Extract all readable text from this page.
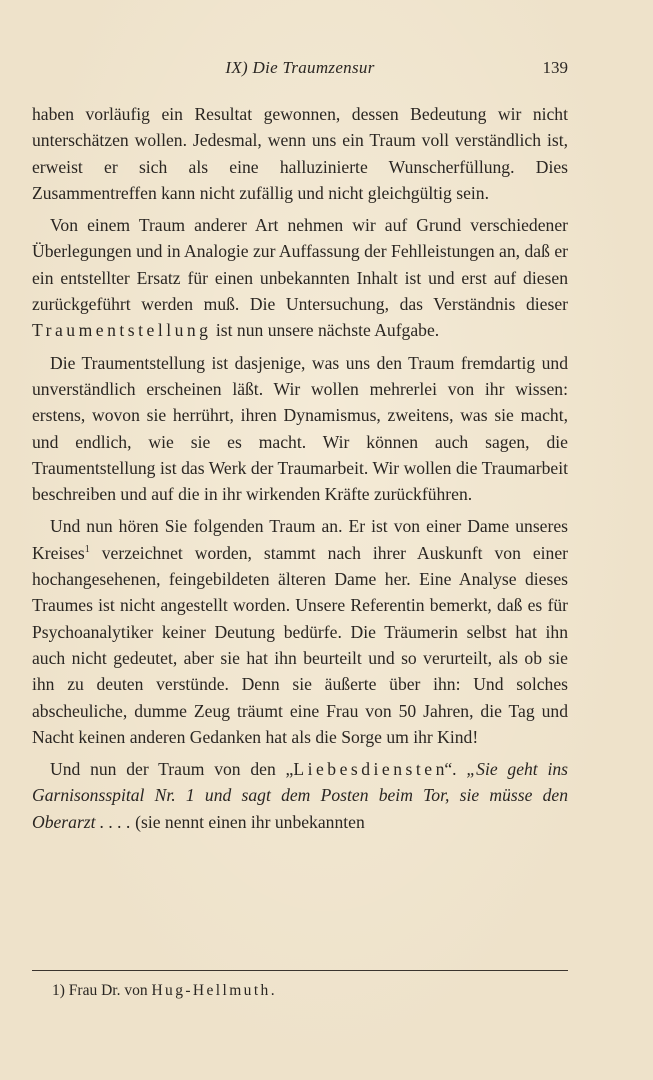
IX) Die Traumzensur	139

haben vorläufig ein Resultat gewonnen, dessen Bedeutung wir nicht unterschätzen wollen. Jedesmal, wenn uns ein Traum voll verständlich ist, erweist er sich als eine halluzinierte Wunscherfüllung. Dies Zusammentreffen kann nicht zufällig und nicht gleichgültig sein.

Von einem Traum anderer Art nehmen wir auf Grund verschiedener Überlegungen und in Analogie zur Auffassung der Fehlleistungen an, daß er ein entstellter Ersatz für einen unbekannten Inhalt ist und erst auf diesen zurückgeführt werden muß. Die Untersuchung, das Verständnis dieser Traumentstellung ist nun unsere nächste Aufgabe.

Die Traumentstellung ist dasjenige, was uns den Traum fremdartig und unverständlich erscheinen läßt. Wir wollen mehrerlei von ihr wissen: erstens, wovon sie herrührt, ihren Dynamismus, zweitens, was sie macht, und endlich, wie sie es macht. Wir können auch sagen, die Traumentstellung ist das Werk der Traumarbeit. Wir wollen die Traumarbeit beschreiben und auf die in ihr wirkenden Kräfte zurückführen.

Und nun hören Sie folgenden Traum an. Er ist von einer Dame unseres Kreises$^1$ verzeichnet worden, stammt nach ihrer Auskunft von einer hochangesehenen, feingebildeten älteren Dame her. Eine Analyse dieses Traumes ist nicht angestellt worden. Unsere Referentin bemerkt, daß es für Psychoanalytiker keiner Deutung bedürfe. Die Träumerin selbst hat ihn auch nicht gedeutet, aber sie hat ihn beurteilt und so verurteilt, als ob sie ihn zu deuten verstünde. Denn sie äußerte über ihn: Und solches abscheuliche, dumme Zeug träumt eine Frau von 50 Jahren, die Tag und Nacht keinen anderen Gedanken hat als die Sorge um ihr Kind!

Und nun der Traum von den „Liebesdiensten“. „Sie geht ins Garnisonsspital Nr. 1 und sagt dem Posten beim Tor, sie müsse den Oberarzt . . . . (sie nennt einen ihr unbekannten

1) Frau Dr. von Hug-Hellmuth.
